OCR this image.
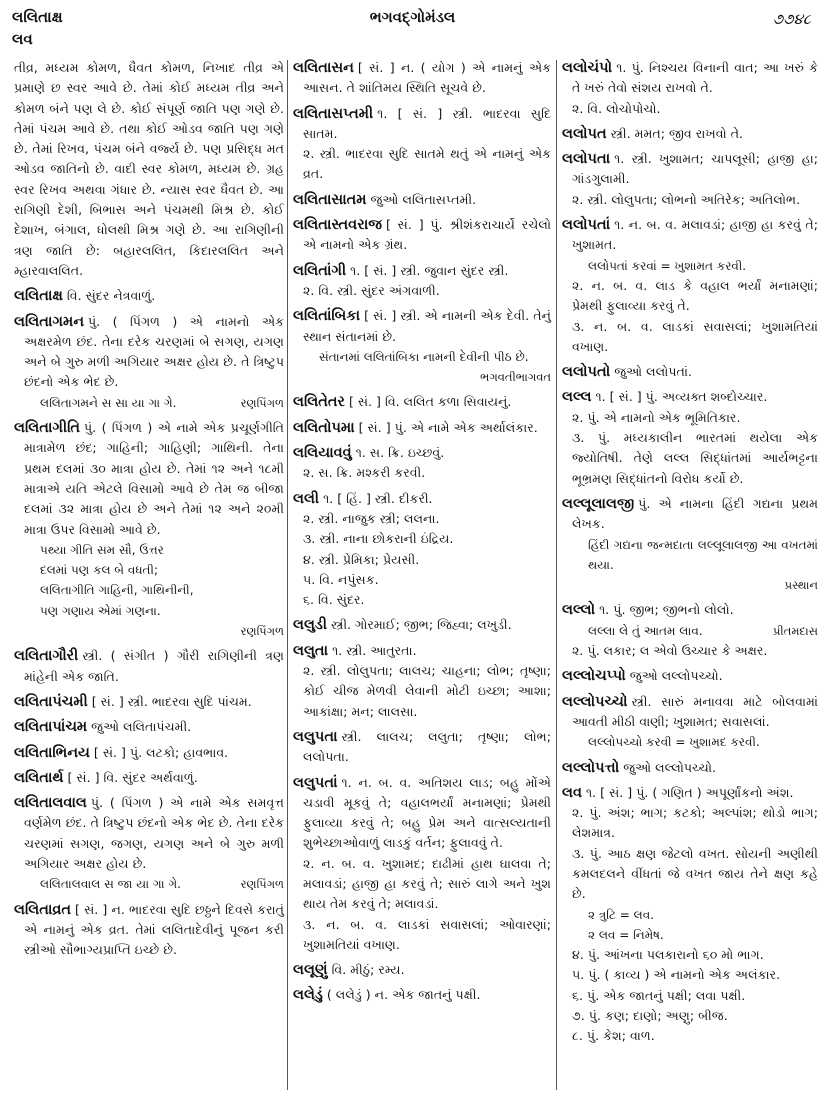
લલિતાક્ષ
લવ
ભગવદ્ગોમંડલ	૭૭૪૮
તીવ્ર, મધ્યમ કોમળ, ધૈવત કોમળ, નિખાદ તીવ્ર એ પ્રમાણે છ સ્વર આવે છે. તેમાં કોઈ મધ્યમ તીવ્ર અને કોમળ બંને પણ લે છે. કોઈ સંપૂર્ણ જાતિ પણ ગણે છે. તેમાં પંચમ આવે છે. તથા કોઈ ઓડવ જાતિ પણ ગણે છે. તેમાં રિખવ, પંચમ બંને વર્જ્ય છે. પણ પ્રસિદ્ધ મત ઓડવ જાતિનો છે. વાદી સ્વર કોમળ, મધ્યમ છે. ગ્રહ સ્વર રિખવ અથવા ગંધાર છે. ન્યાસ સ્વર ધૈવત છે. આ રાગિણી દેશી, બિભાસ અને પંચમથી મિશ્ર છે. કોઈ દેશાખ, બંગાલ, ધોલથી મિશ્ર ગણે છે. આ રાગિણીની ત્રણ જાતિ છે: બહારલલિત, કિદારલલિત અને મ્હારવાલલિત.
લલિતાક્ષ વિ. સુંદર નેત્રવાળું.
લલિતાગમન પું. ( પિંગળ ) એ નામનો એક અક્ષરમેળ છંદ. તેના દરેક ચરણમાં બે સગણ, યગણ અને બે ગુરુ મળી અગિયાર અક્ષર હોય છે. તે ત્રિષ્ટુપ છંદનો એક ભેદ છે.
લલિતાગમને સ સા યા ગા ગે.	રણપિંગળ
લલિતાગીતિ પું. ( પિંગળ ) એ નામે એક પ્રચૂર્ણગીતિ માત્રામેળ છંદ; ગાહિની; ગાહિણી; ગાથિની. તેના પ્રથમ દલમાં ૩૦ માત્રા હોય છે. તેમાં ૧૨ અને ૧૮મી માત્રાએ યતિ એટલે વિસામો આવે છે તેમ જ બીજા દલમાં ૩૨ માત્રા હોય છે અને તેમાં ૧૨ અને ૨૦મી માત્રા ઉપર વિસામો આવે છે.
પથ્યા ગીતિ સમ સૌ, ઉત્તર
દલમાં પણ કલ બે વધતી;
લલિતાગીતિ ગાહિની, ગાથિનીની,
પણ ગણાય એમાં ગણના.
રણપિંગળ
લલિતાગૌરી સ્ત્રી. ( સંગીત ) ગૌરી રાગિણીની ત્રણ માંહેની એક જાતિ.
લલિતાપંચમી [ સં. ] સ્ત્રી. ભાદરવા સુદિ પાંચમ.
લલિતાપાંચમ જુઓ લલિતાપંચમી.
લલિતાભિનય [ સં. ] પું. લટકો; હાવભાવ.
લલિતાર્થ [ સં. ] વિ. સુંદર અર્થવાળું.
લલિતાલવાલ પું. ( પિંગળ ) એ નામે એક સમવૃત્ત વર્ણમેળ છંદ. તે ત્રિષ્ટુપ છંદનો એક ભેદ છે. તેના દરેક ચરણમાં સગણ, જગણ, યગણ અને બે ગુરુ મળી અગિયાર અક્ષર હોય છે.
લલિતાલવાલ સ જા યા ગા ગે.	રણપિંગળ
લલિતાવ્રત [ સં. ] ન. ભાદરવા સુદિ છઠ્ઠને દિવસે કરાતું એ નામનું એક વ્રત. તેમાં લલિતાદેવીનું પૂજન કરી સ્ત્રીઓ સૌભાગ્યપ્રાપ્તિ ઇચ્છે છે.
લલિતાસન [ સં. ] ન. ( યોગ ) એ નામનું એક આસન. તે શાંતિમય સ્થિતિ સૂચવે છે.
લલિતાસપ્તમી ૧. [ સં. ] સ્ત્રી. ભાદરવા સુદિ સાતમ.
૨. સ્ત્રી. ભાદરવા સુદિ સાતમે થતું એ નામનું એક વ્રત.
લલિતાસાતમ જુઓ લલિતાસપ્તમી.
લલિતાસ્તવરાજ [ સં. ] પું. શ્રીશંકરાચાર્યે રચેલો એ નામનો એક ગ્રંથ.
લલિતાંગી ૧. [ સં. ] સ્ત્રી. જુવાન સુંદર સ્ત્રી.
૨. વિ. સ્ત્રી. સુંદર અંગવાળી.
લલિતાંબિકા [ સં. ] સ્ત્રી. એ નામની એક દેવી. તેનું સ્થાન સંતાનમાં છે.
સંતાનમાં લલિતાંબિકા નામની દેવીની પીઠ છે.
ભગવતીભાગવત
લલિતેતર [ સં. ] વિ. લલિત કળા સિવાયનું.
લલિતોપમા [ સં. ] પું. એ નામે એક અર્થાલંકાર.
લલિયાવવું ૧. સ. ક્રિ. ઇચ્છવું.
૨. સ. ક્રિ. મશ્કરી કરવી.
લલી ૧. [ હિં. ] સ્ત્રી. દીકરી.
૨. સ્ત્રી. નાજુક સ્ત્રી; લલના.
૩. સ્ત્રી. નાના છોકરાની ઇંદ્રિય.
૪. સ્ત્રી. પ્રેમિકા; પ્રેયસી.
૫. વિ. નપુંસક.
૬. વિ. સુંદર.
લલુડી સ્ત્રી. ગોરમાઈ; જીભ; જિહ્વા; લખુડી.
લલુતા ૧. સ્ત્રી. આતુરતા.
૨. સ્ત્રી. લોલુપતા; લાલચ; ચાહના; લોભ; તૃષ્ણા; કોઈ ચીજ મેળવી લેવાની મોટી ઇચ્છા; આશા; આકાંક્ષા; મન; લાલસા.
લલુપતા સ્ત્રી. લાલચ; લલુતા; તૃષ્ણા; લોભ; લલોપતા.
લલુપતાં ૧. ન. બ. વ. અતિશય લાડ; બહુ મોંએ ચડાવી મૂકવું તે; વહાલભર્યાં મનામણાં; પ્રેમથી ફુલાવ્યા કરવું તે; બહુ પ્રેમ અને વાત્સલ્યતાની શુભેચ્છાઓવાળું લાડકું વર્તન; ફુલાવવું તે.
૨. ન. બ. વ. ખુશામદ; દાઢીમાં હાથ ઘાલવા તે; મલાવડાં; હાજી હા કરવું તે; સારું લાગે અને ખુશ થાય તેમ કરવું તે; મલાવડાં.
૩. ન. બ. વ. લાડકાં સવાસલાં; ઓવારણાં; ખુશામતિયાં વખાણ.
લલૂણું વિ. મીઠું; રમ્ય.
લલેડું ( લલેડું ) ન. એક જાતનું પક્ષી.
લલોચંપો ૧. પું. નિશ્ચય વિનાની વાત; આ ખરું કે તે ખરું તેવો સંશય રાખવો તે.
૨. વિ. લોચોપોચો.
લલોપત સ્ત્રી. મમત; જીવ રાખવો તે.
લલોપતા ૧. સ્ત્રી. ખુશામત; ચાપલૂસી; હાજી હા; ગાંડગુલામી.
૨. સ્ત્રી. લોલુપતા; લોભનો અતિરેક; અતિલોભ.
લલોપતાં ૧. ન. બ. વ. મલાવડાં; હાજી હા કરવું તે; ખુશામત.
લલોપતાં કરવાં = ખુશામત કરવી.
૨. ન. બ. વ. લાડ કે વહાલ ભર્યાં મનામણાં; પ્રેમથી ફુલાવ્યા કરવું તે.
૩. ન. બ. વ. લાડકાં સવાસલાં; ખુશામતિયાં વખાણ.
લલોપતો જુઓ લલોપતાં.
લલ્લ ૧. [ સં. ] પું. અવ્યક્ત શબ્દોચ્ચાર.
૨. પું. એ નામનો એક ભૂમિતિકાર.
૩. પું. મધ્યકાલીન ભારતમાં થયેલા એક જ્યોતિષી. તેણે લલ્લ સિદ્ધાંતમાં આર્યભટ્ટના ભૂભ્રમણ સિદ્ધાંતનો વિરોધ કર્યો છે.
લલ્લૂલાલજી પું. એ નામના હિંદી ગદ્યના પ્રથમ લેખક.
હિંદી ગદ્યના જન્મદાતા લલ્લૂલાલજી આ વખતમાં થયા.
પ્રસ્થાન
લલ્લો ૧. પું. જીભ; જીભનો લોલો.
લલ્લા લે તું આતમ લાવ.	પ્રીતમદાસ
૨. પું. લકાર; લ એવો ઉચ્ચાર કે અક્ષર.
લલ્લોચપ્પો જુઓ લલ્લોપચ્ચો.
લલ્લોપચ્ચો સ્ત્રી. સારું મનાવવા માટે બોલવામાં આવતી મીઠી વાણી; ખુશામત; સવાસલાં.
લલ્લોપચ્ચો કરવી = ખુશામદ કરવી.
લલ્લોપત્તો જુઓ લલ્લોપચ્ચો.
લવ ૧. [ સં. ] પું. ( ગણિત ) અપૂર્ણાંકનો અંશ.
૨. પું. અંશ; ભાગ; કટકો; અલ્પાંશ; થોડો ભાગ; લેશમાત્ર.
૩. પું. આઠ ક્ષણ જેટલો વખત. સોયની અણીથી કમલદલને વીંધતાં જે વખત જાય તેને ક્ષણ કહે છે.
૨ ત્રુટિ = લવ.
૨ લવ = નિમેષ.
૪. પું. આંખના પલકારાનો ૬૦ મો ભાગ.
૫. પું. ( કાવ્ય ) એ નામનો એક અલંકાર.
૬. પું. એક જાતનું પક્ષી; લવા પક્ષી.
૭. પું. કણ; દાણો; અણુ; બીજ.
૮. પું. કેશ; વાળ.
